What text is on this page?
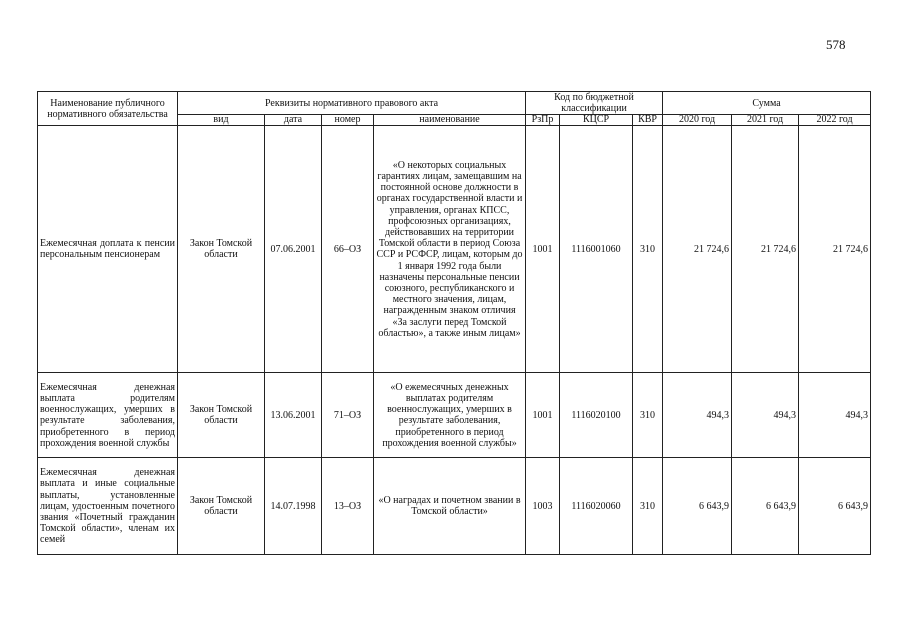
578
Наименование публичного нормативного обязательства	Реквизиты нормативного правового акта				Код по бюджетной классификации			Сумма		
	вид	дата	номер	наименование	РзПр	КЦСР	КВР	2020 год	2021 год	2022 год
Ежемесячная доплата к пенсии персональным пенсионерам	Закон Томской области	07.06.2001	66–ОЗ	«О некоторых социальных гарантиях лицам, замещавшим на постоянной основе должности в органах государственной власти и управления, органах КПСС, профсоюзных организациях, действовавших на территории Томской области в период Союза ССР и РСФСР, лицам, которым до 1 января 1992 года были назначены персональные пенсии союзного, республиканского и местного значения, лицам, награжденным знаком отличия «За заслуги перед Томской областью», а также иным лицам»	1001	1116001060	310	21 724,6	21 724,6	21 724,6
Ежемесячная денежная выплата родителям военнослужащих, умерших в результате заболевания, приобретенного в период прохождения военной службы	Закон Томской области	13.06.2001	71–ОЗ	«О ежемесячных денежных выплатах родителям военнослужащих, умерших в результате заболевания, приобретенного в период прохождения военной службы»	1001	1116020100	310	494,3	494,3	494,3
Ежемесячная денежная выплата и иные социальные выплаты, установленные лицам, удостоенным почетного звания «Почетный гражданин Томской области», членам их семей	Закон Томской области	14.07.1998	13–ОЗ	«О наградах и почетном звании в Томской области»	1003	1116020060	310	6 643,9	6 643,9	6 643,9
